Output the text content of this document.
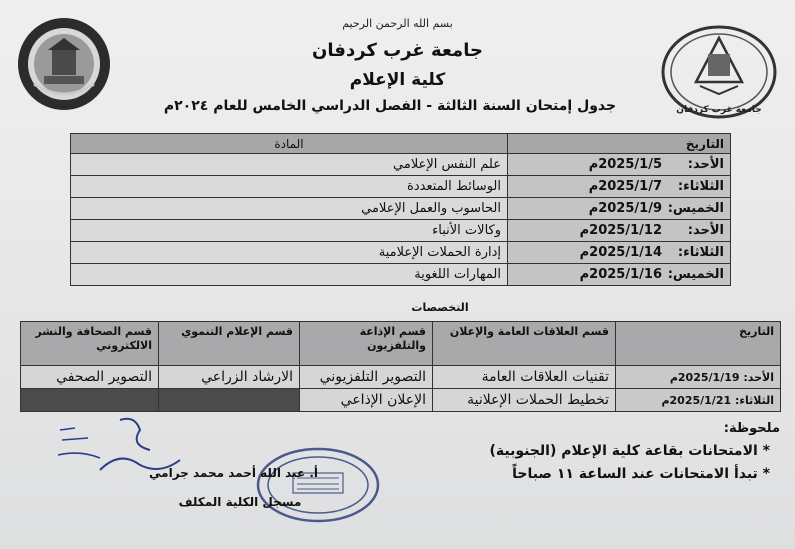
جامعة غرب كردفان
بسم الله الرحمن الرحيم
جامعة غرب كردفان
كلية الإعلام
جدول إمتحان السنة الثالثة - الفصل الدراسي الخامس للعام ٢٠٢٤م
التاريخ	المادة
الأحد:2025/1/5م	علم النفس الإعلامي
الثلاثاء:2025/1/7م	الوسائط المتعددة
الخميس:2025/1/9م	الحاسوب والعمل الإعلامي
الأحد:2025/1/12م	وكالات الأنباء
الثلاثاء:2025/1/14م	إدارة الحملات الإعلامية
الخميس:2025/1/16م	المهارات اللغوية
التخصصات
التاريخ	قسم العلاقات العامة والإعلان	قسم الإذاعة والتلفزيون	قسم الإعلام التنموي	قسم الصحافة والنشر الالكتروني
الأحد: 2025/1/19م	تقنيات العلاقات العامة	التصوير التلفزيوني	الارشاد الزراعي	التصوير الصحفي
الثلاثاء: 2025/1/21م	تخطيط الحملات الإعلانية	الإعلان الإذاعي		
ملحوظة:
* الامتحانات بقاعة كلية الإعلام (الجنوبية)
* تبدأ الامتحانات عند الساعة ١١ صباحاً
أ. عبد الله أحمد محمد جرامي
مسجل الكلية المكلف
